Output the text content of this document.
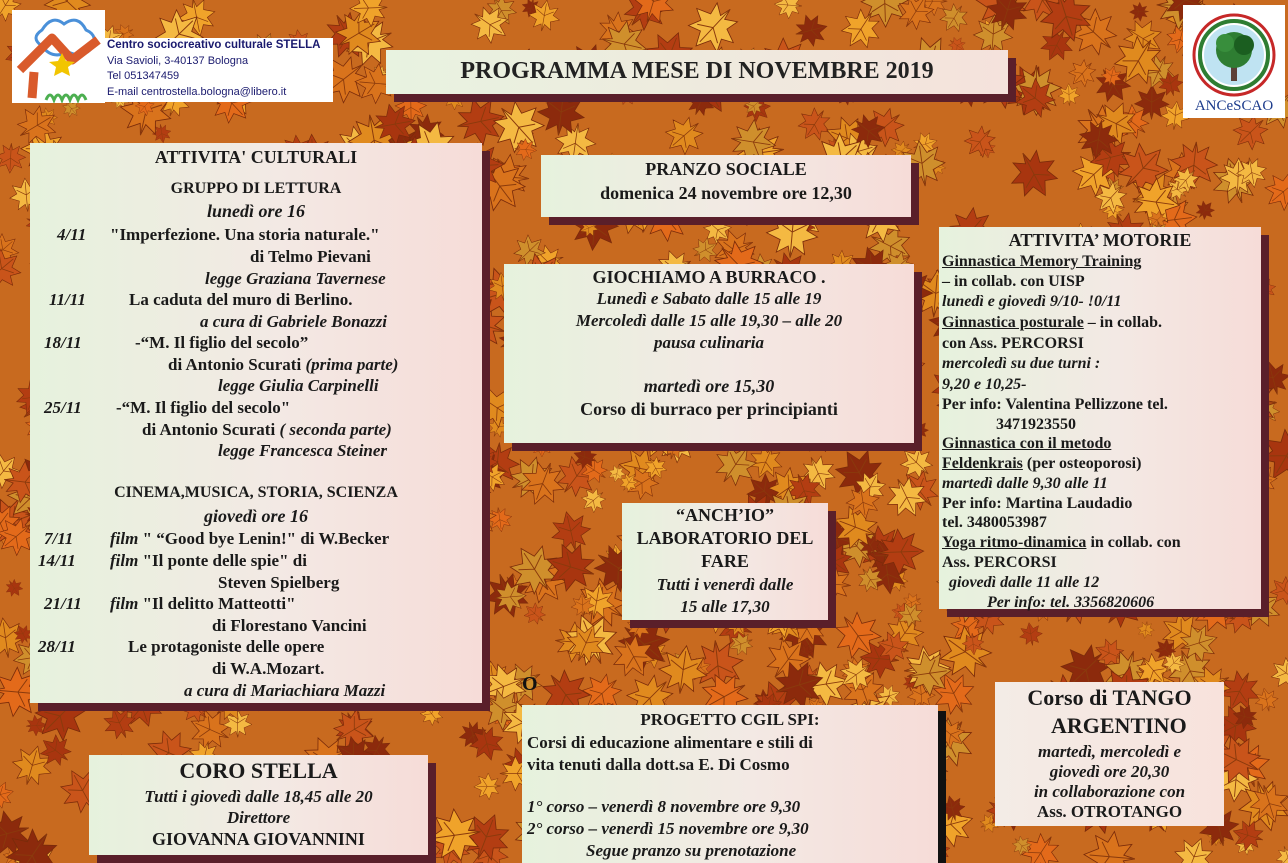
Centro sociocreativo culturale STELLA
Via Savioli, 3-40137 Bologna
Tel 051347459
E-mail centrostella.bologna@libero.it
ANCeSCAO
PROGRAMMA MESE DI NOVEMBRE 2019
ATTIVITA' CULTURALI
GRUPPO DI LETTURA
lunedì ore 16
4/11 "Imperfezione. Una storia naturale."
di Telmo Pievani
legge Graziana Tavernese
11/11	La caduta del muro di Berlino.
a cura di Gabriele Bonazzi
18/11	-“M. Il figlio del secolo”
di Antonio Scurati (prima parte)
legge Giulia Carpinelli
25/11 -“M. Il figlio del secolo"
di Antonio Scurati ( seconda parte)
legge Francesca Steiner
CINEMA,MUSICA, STORIA, SCIENZA
giovedì ore 16
7/11 film " “Good bye Lenin!" di W.Becker
14/11 film "Il ponte delle spie" di
Steven Spielberg
21/11 film "Il delitto Matteotti"
di Florestano Vancini
28/11	Le protagoniste delle opere
di W.A.Mozart.
a cura di Mariachiara Mazzi
PRANZO SOCIALE
domenica 24 novembre ore 12,30
GIOCHIAMO A BURRACO .
Lunedì e Sabato dalle 15 alle 19
Mercoledì dalle 15 alle 19,30 – alle 20
pausa culinaria
martedì ore 15,30
Corso di burraco per principianti
“ANCH’IO”
LABORATORIO DEL
FARE
Tutti i venerdì dalle
15 alle 17,30
ATTIVITA’ MOTORIE
Ginnastica Memory Training
– in collab. con UISP
lunedì e giovedì 9/10- !0/11
Ginnastica posturale – in collab.
con Ass. PERCORSI
mercoledì su due turni :
9,20 e 10,25-
Per info: Valentina Pellizzone tel.
3471923550
Ginnastica con il metodo
Feldenkrais (per osteoporosi)
martedì dalle 9,30 alle 11
Per info: Martina Laudadio
tel. 3480053987
Yoga ritmo-dinamica in collab. con
Ass. PERCORSI
giovedì dalle 11 alle 12
Per info: tel. 3356820606
CORO STELLA
Tutti i giovedì dalle 18,45 alle 20
Direttore
GIOVANNA GIOVANNINI
O
PROGETTO CGIL SPI:
Corsi di educazione alimentare e stili di
vita tenuti dalla dott.sa E. Di Cosmo
1° corso – venerdì 8 novembre ore 9,30
2° corso – venerdì 15 novembre ore 9,30
Segue pranzo su prenotazione
Corso di TANGO
ARGENTINO
martedì, mercoledì e
giovedì ore 20,30
in collaborazione con
Ass. OTROTANGO
